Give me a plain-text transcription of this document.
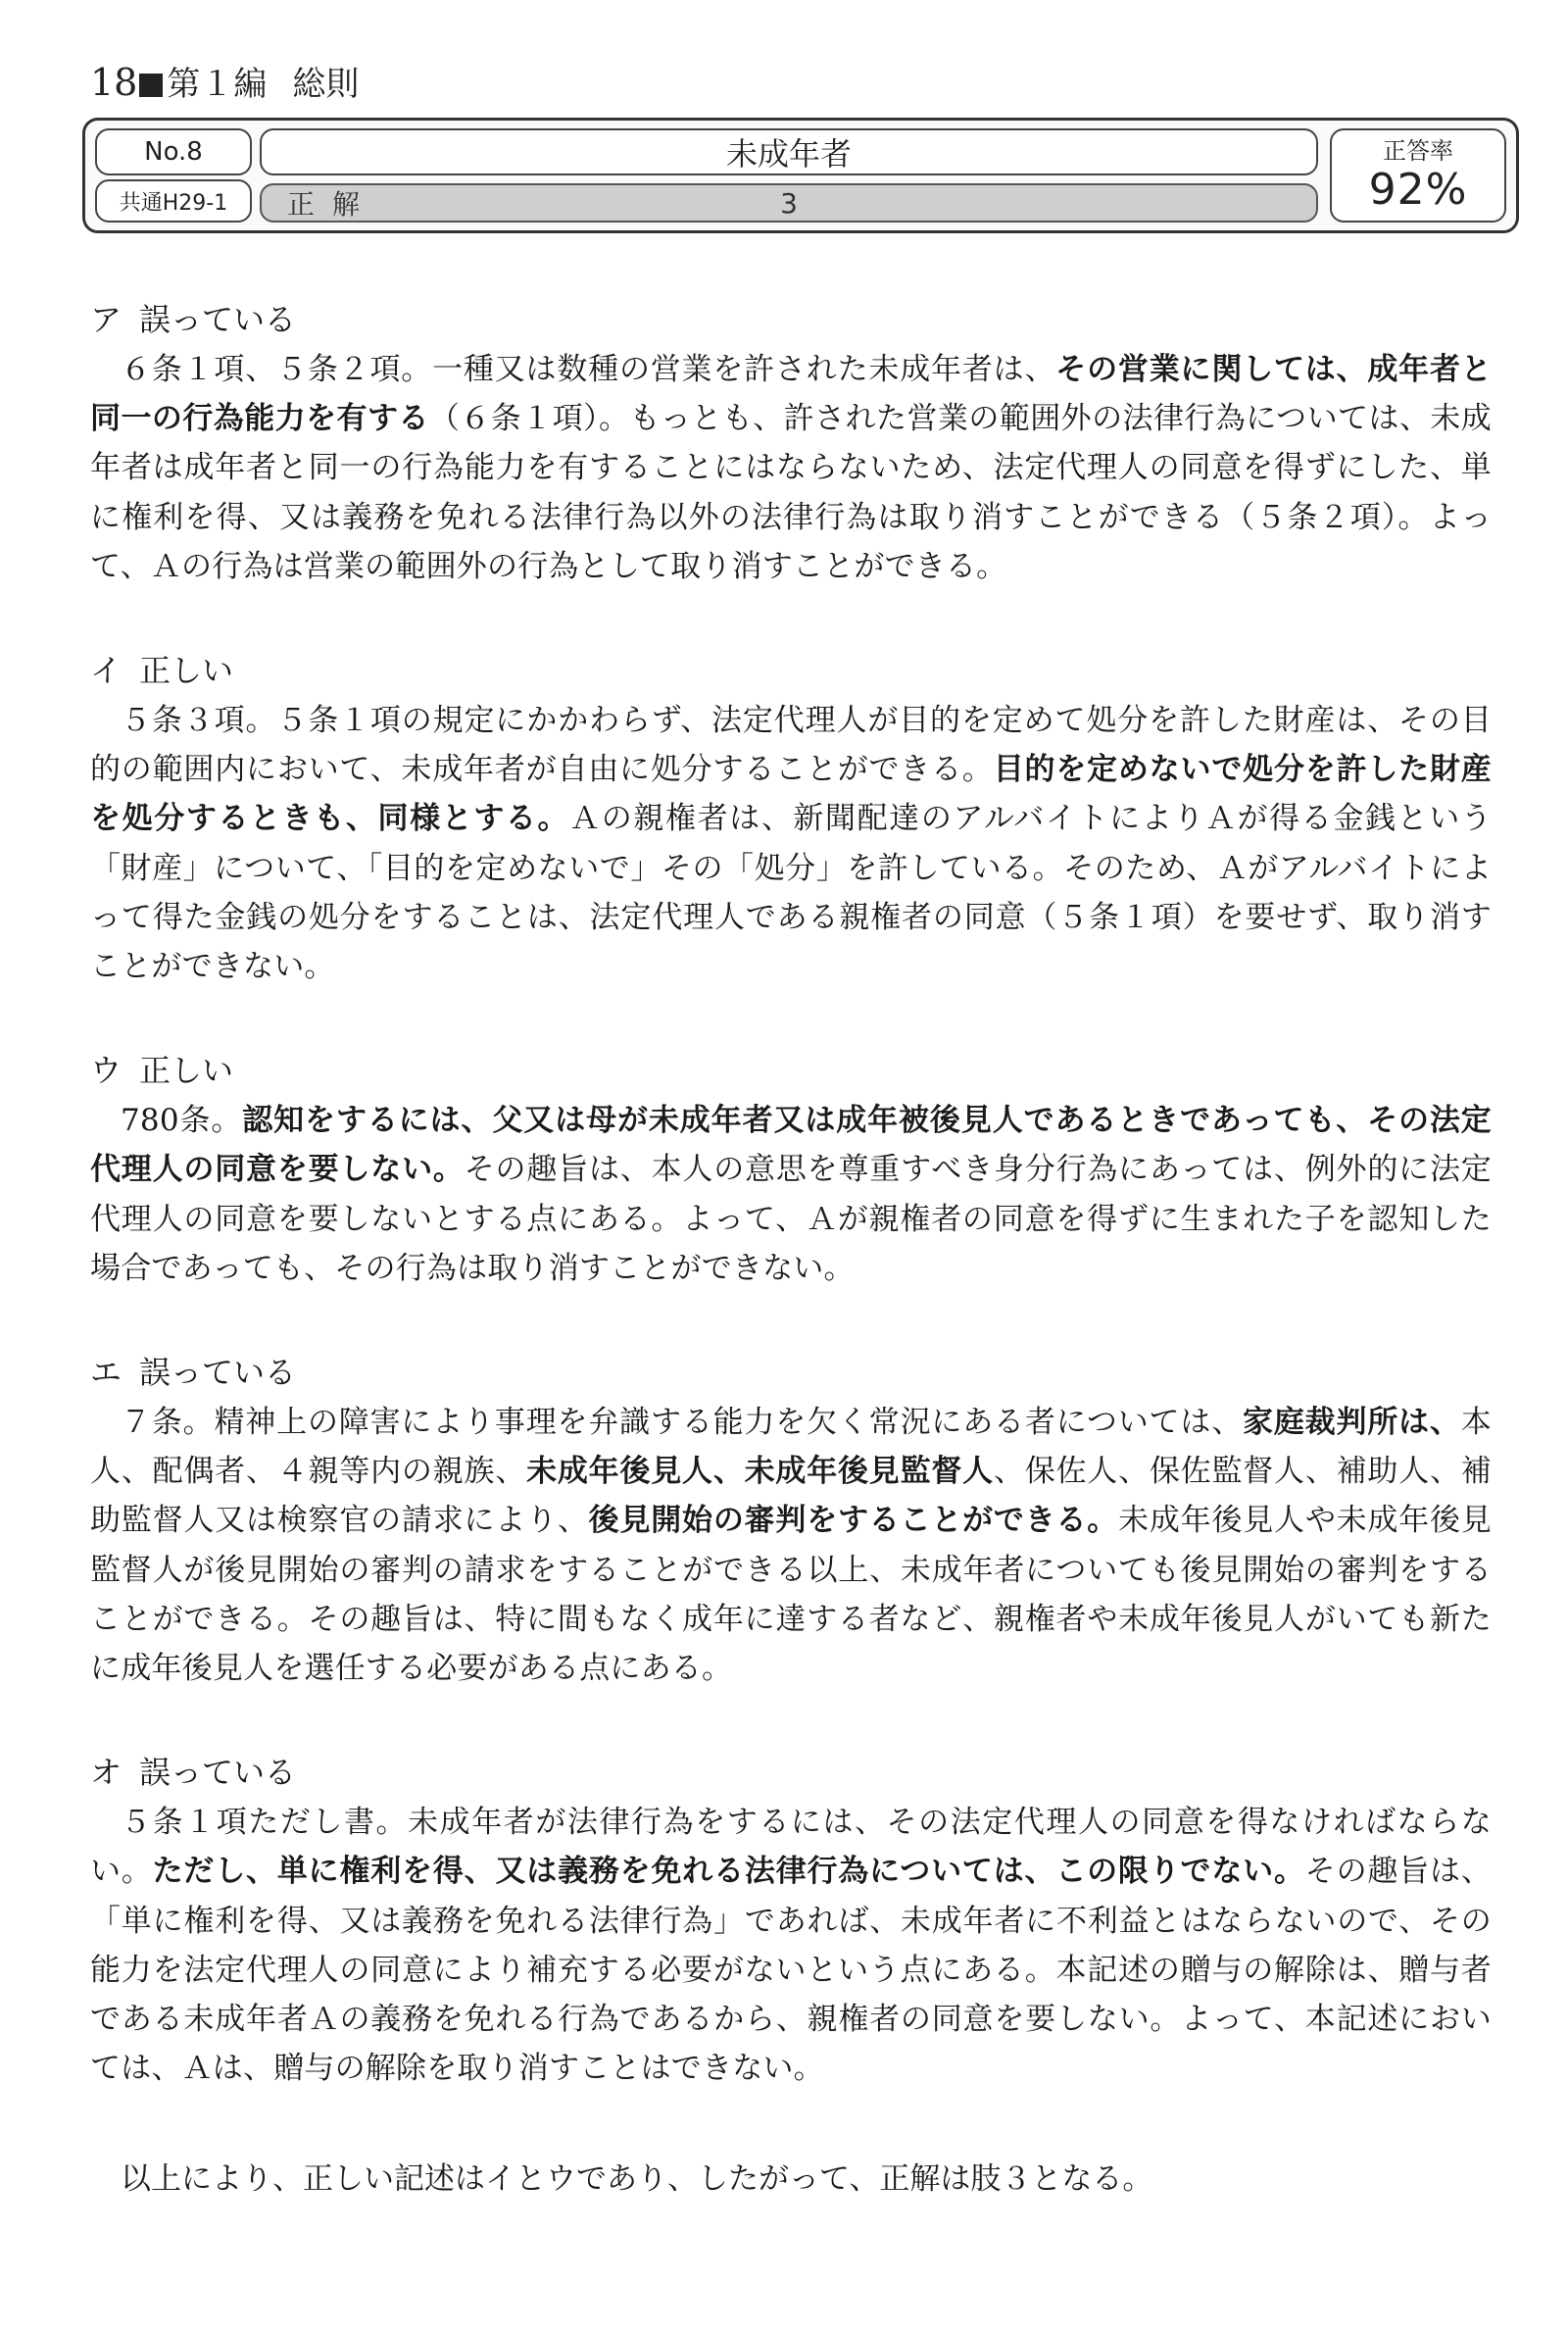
18 第１編 総則
No.8
共通H29-1
未成年者
正解	3
正答率
92%

ア 誤っている

６条１項、５条２項。一種又は数種の営業を許された未成年者は、その営業に関しては、成年者と同一の行為能力を有する（６条１項）。もっとも、許された営業の範囲外の法律行為については、未成年者は成年者と同一の行為能力を有することにはならないため、法定代理人の同意を得ずにした、単に権利を得、又は義務を免れる法律行為以外の法律行為は取り消すことができる（５条２項）。よって、Ａの行為は営業の範囲外の行為として取り消すことができる。

イ 正しい

５条３項。５条１項の規定にかかわらず、法定代理人が目的を定めて処分を許した財産は、その目的の範囲内において、未成年者が自由に処分することができる。目的を定めないで処分を許した財産を処分するときも、同様とする。Ａの親権者は、新聞配達のアルバイトによりＡが得る金銭という「財産」について、「目的を定めないで」その「処分」を許している。そのため、Ａがアルバイトによって得た金銭の処分をすることは、法定代理人である親権者の同意（５条１項）を要せず、取り消すことができない。

ウ 正しい

780条。認知をするには、父又は母が未成年者又は成年被後見人であるときであっても、その法定代理人の同意を要しない。その趣旨は、本人の意思を尊重すべき身分行為にあっては、例外的に法定代理人の同意を要しないとする点にある。よって、Ａが親権者の同意を得ずに生まれた子を認知した場合であっても、その行為は取り消すことができない。

エ 誤っている

７条。精神上の障害により事理を弁識する能力を欠く常況にある者については、家庭裁判所は、本人、配偶者、４親等内の親族、未成年後見人、未成年後見監督人、保佐人、保佐監督人、補助人、補助監督人又は検察官の請求により、後見開始の審判をすることができる。未成年後見人や未成年後見監督人が後見開始の審判の請求をすることができる以上、未成年者についても後見開始の審判をすることができる。その趣旨は、特に間もなく成年に達する者など、親権者や未成年後見人がいても新たに成年後見人を選任する必要がある点にある。

オ 誤っている

５条１項ただし書。未成年者が法律行為をするには、その法定代理人の同意を得なければならない。ただし、単に権利を得、又は義務を免れる法律行為については、この限りでない。その趣旨は、「単に権利を得、又は義務を免れる法律行為」であれば、未成年者に不利益とはならないので、その能力を法定代理人の同意により補充する必要がないという点にある。本記述の贈与の解除は、贈与者である未成年者Ａの義務を免れる行為であるから、親権者の同意を要しない。よって、本記述においては、Ａは、贈与の解除を取り消すことはできない。

以上により、正しい記述はイとウであり、したがって、正解は肢３となる。
